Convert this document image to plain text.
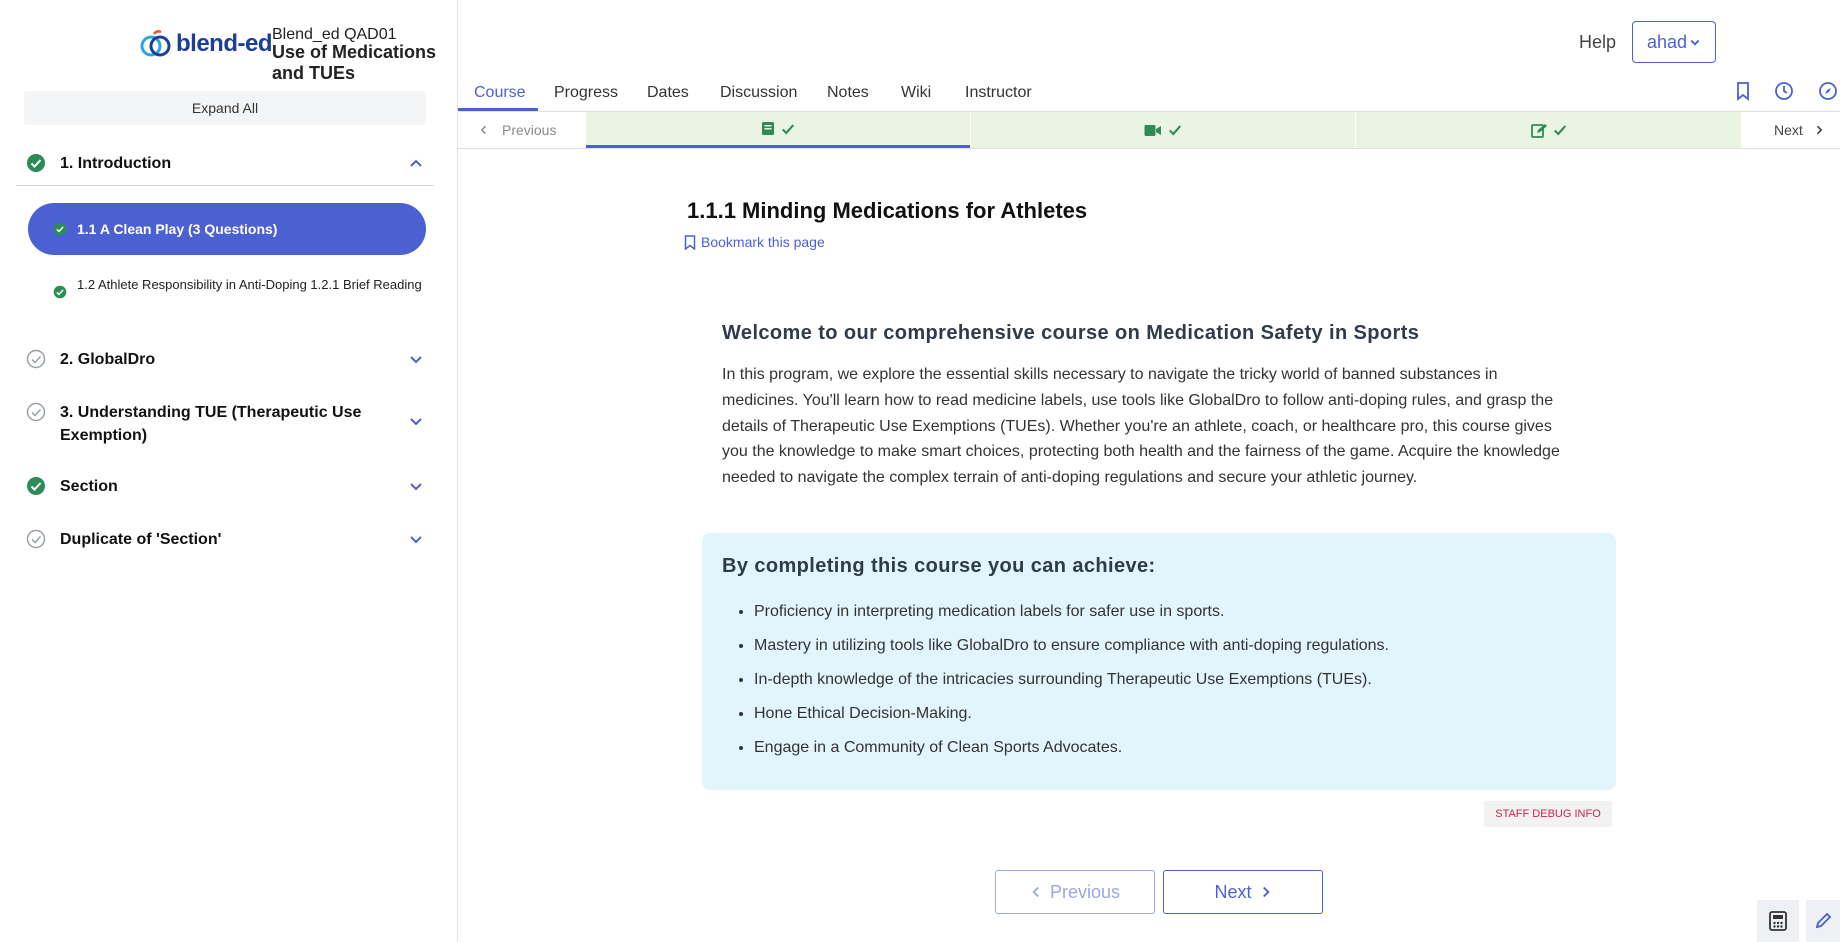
blend-ed Blend_ed QAD01
Use of Medications and TUEs
Expand All
1. Introduction
1.1 A Clean Play (3 Questions)
1.2 Athlete Responsibility in Anti-Doping 1.2.1 Brief Reading
2. GlobalDro
3. Understanding TUE (Therapeutic Use Exemption)
Section
Duplicate of 'Section'
Help ahad
Course Progress Dates Discussion Notes Wiki Instructor
Previous	Next
1.1.1 Minding Medications for Athletes
Bookmark this page
Welcome to our comprehensive course on Medication Safety in Sports
In this program, we explore the essential skills necessary to navigate the tricky world of banned substances in medicines. You'll learn how to read medicine labels, use tools like GlobalDro to follow anti-doping rules, and grasp the details of Therapeutic Use Exemptions (TUEs). Whether you're an athlete, coach, or healthcare pro, this course gives you the knowledge to make smart choices, protecting both health and the fairness of the game. Acquire the knowledge needed to navigate the complex terrain of anti-doping regulations and secure your athletic journey.
By completing this course you can achieve:
• Proficiency in interpreting medication labels for safer use in sports.
• Mastery in utilizing tools like GlobalDro to ensure compliance with anti-doping regulations.
• In-depth knowledge of the intricacies surrounding Therapeutic Use Exemptions (TUEs).
• Hone Ethical Decision-Making.
• Engage in a Community of Clean Sports Advocates.
STAFF DEBUG INFO
Previous	Next
